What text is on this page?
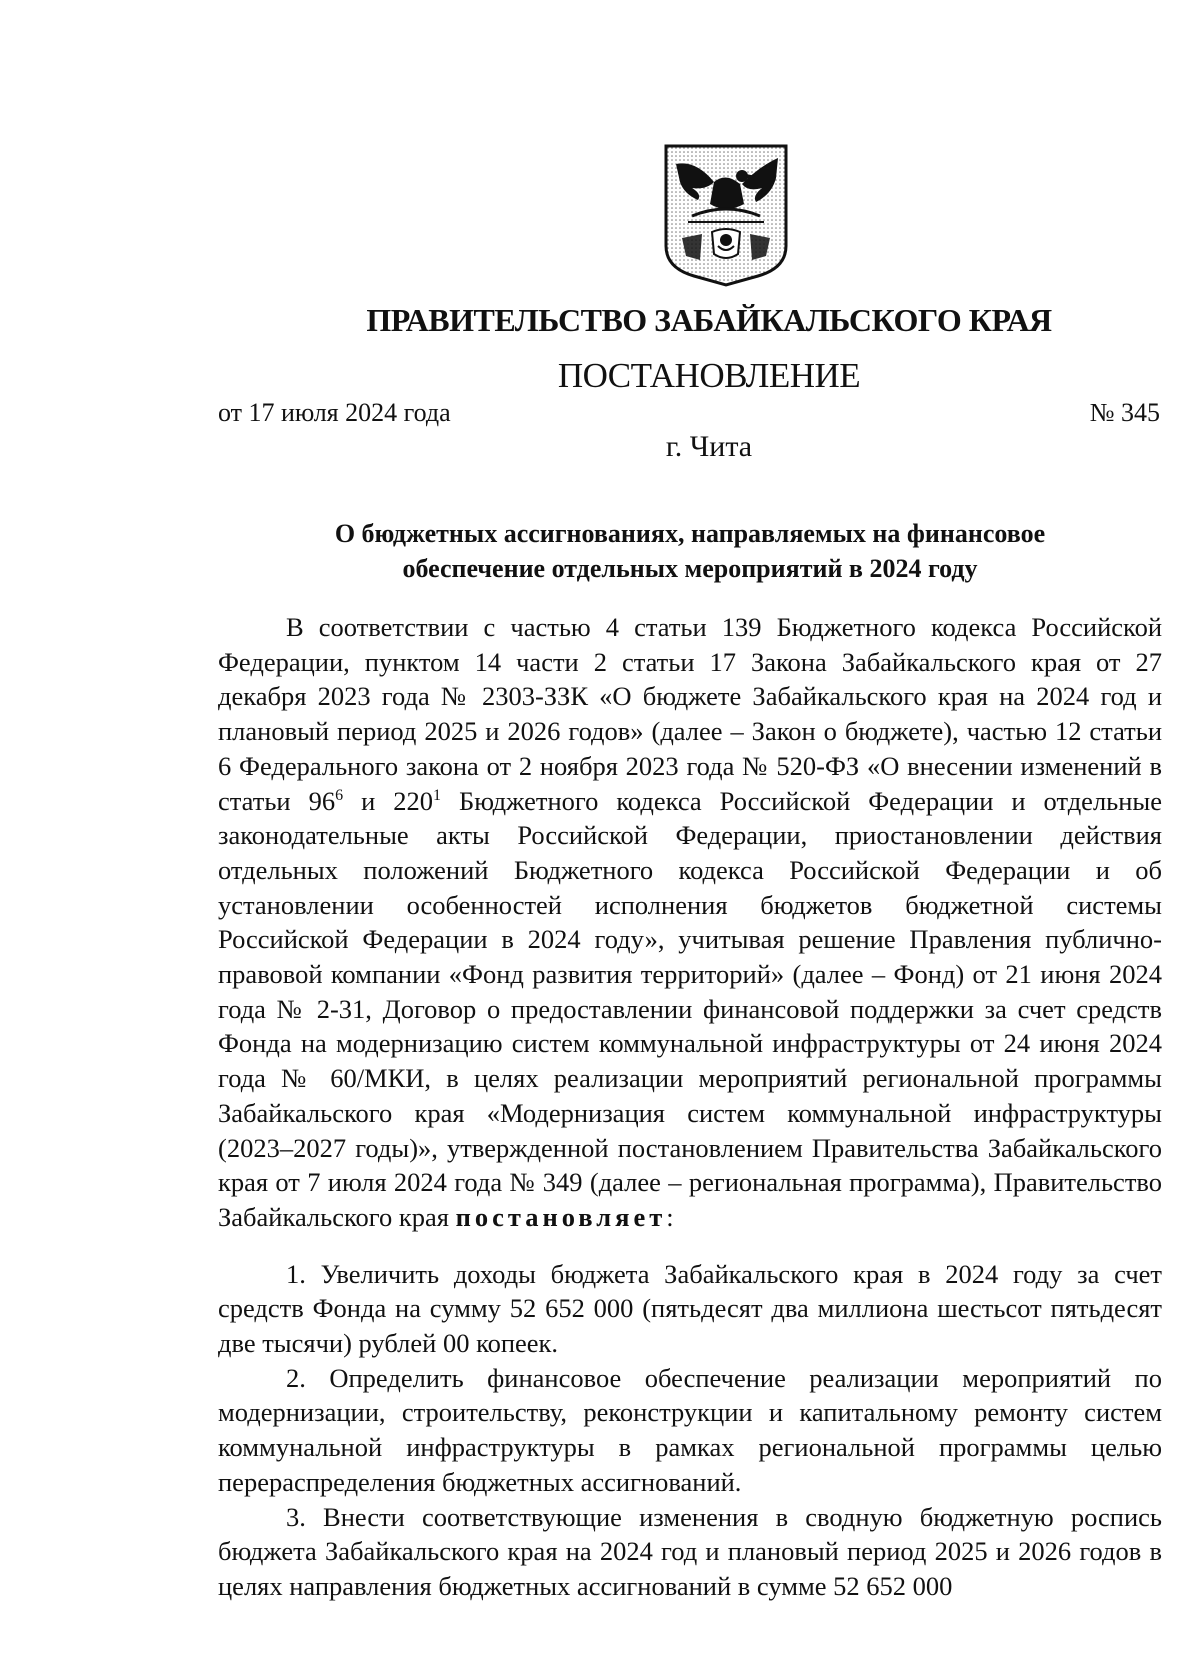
ПРАВИТЕЛЬСТВО ЗАБАЙКАЛЬСКОГО КРАЯ
ПОСТАНОВЛЕНИЕ
от 17 июля 2024 года	№ 345
г. Чита
О бюджетных ассигнованиях, направляемых на финансовое
обеспечение отдельных мероприятий в 2024 году

В соответствии с частью 4 статьи 139 Бюджетного кодекса Российской Федерации, пунктом 14 части 2 статьи 17 Закона Забайкальского края от 27 декабря 2023 года № 2303-ЗЗК «О бюджете Забайкальского края на 2024 год и плановый период 2025 и 2026 годов» (далее – Закон о бюджете), частью 12 статьи 6 Федерального закона от 2 ноября 2023 года № 520-ФЗ «О внесении изменений в статьи $96^6$ и $220^1$ Бюджетного кодекса Российской Федерации и отдельные законодательные акты Российской Федерации, приостановлении действия отдельных положений Бюджетного кодекса Российской Федерации и об установлении особенностей исполнения бюджетов бюджетной системы Российской Федерации в 2024 году», учитывая решение Правления публично-правовой компании «Фонд развития территорий» (далее – Фонд) от 21 июня 2024 года № 2-31, Договор о предоставлении финансовой поддержки за счет средств Фонда на модернизацию систем коммунальной инфраструктуры от 24 июня 2024 года № 60/МКИ, в целях реализации мероприятий региональной программы Забайкальского края «Модернизация систем коммунальной инфраструктуры (2023–2027 годы)», утвержденной постановлением Правительства Забайкальского края от 7 июля 2024 года № 349 (далее – региональная программа), Правительство Забайкальского края постановляет:

1. Увеличить доходы бюджета Забайкальского края в 2024 году за счет средств Фонда на сумму 52 652 000 (пятьдесят два миллиона шестьсот пятьдесят две тысячи) рублей 00 копеек.

2. Определить финансовое обеспечение реализации мероприятий по модернизации, строительству, реконструкции и капитальному ремонту систем коммунальной инфраструктуры в рамках региональной программы целью перераспределения бюджетных ассигнований.

3. Внести соответствующие изменения в сводную бюджетную роспись бюджета Забайкальского края на 2024 год и плановый период 2025 и 2026 годов в целях направления бюджетных ассигнований в сумме 52 652 000
